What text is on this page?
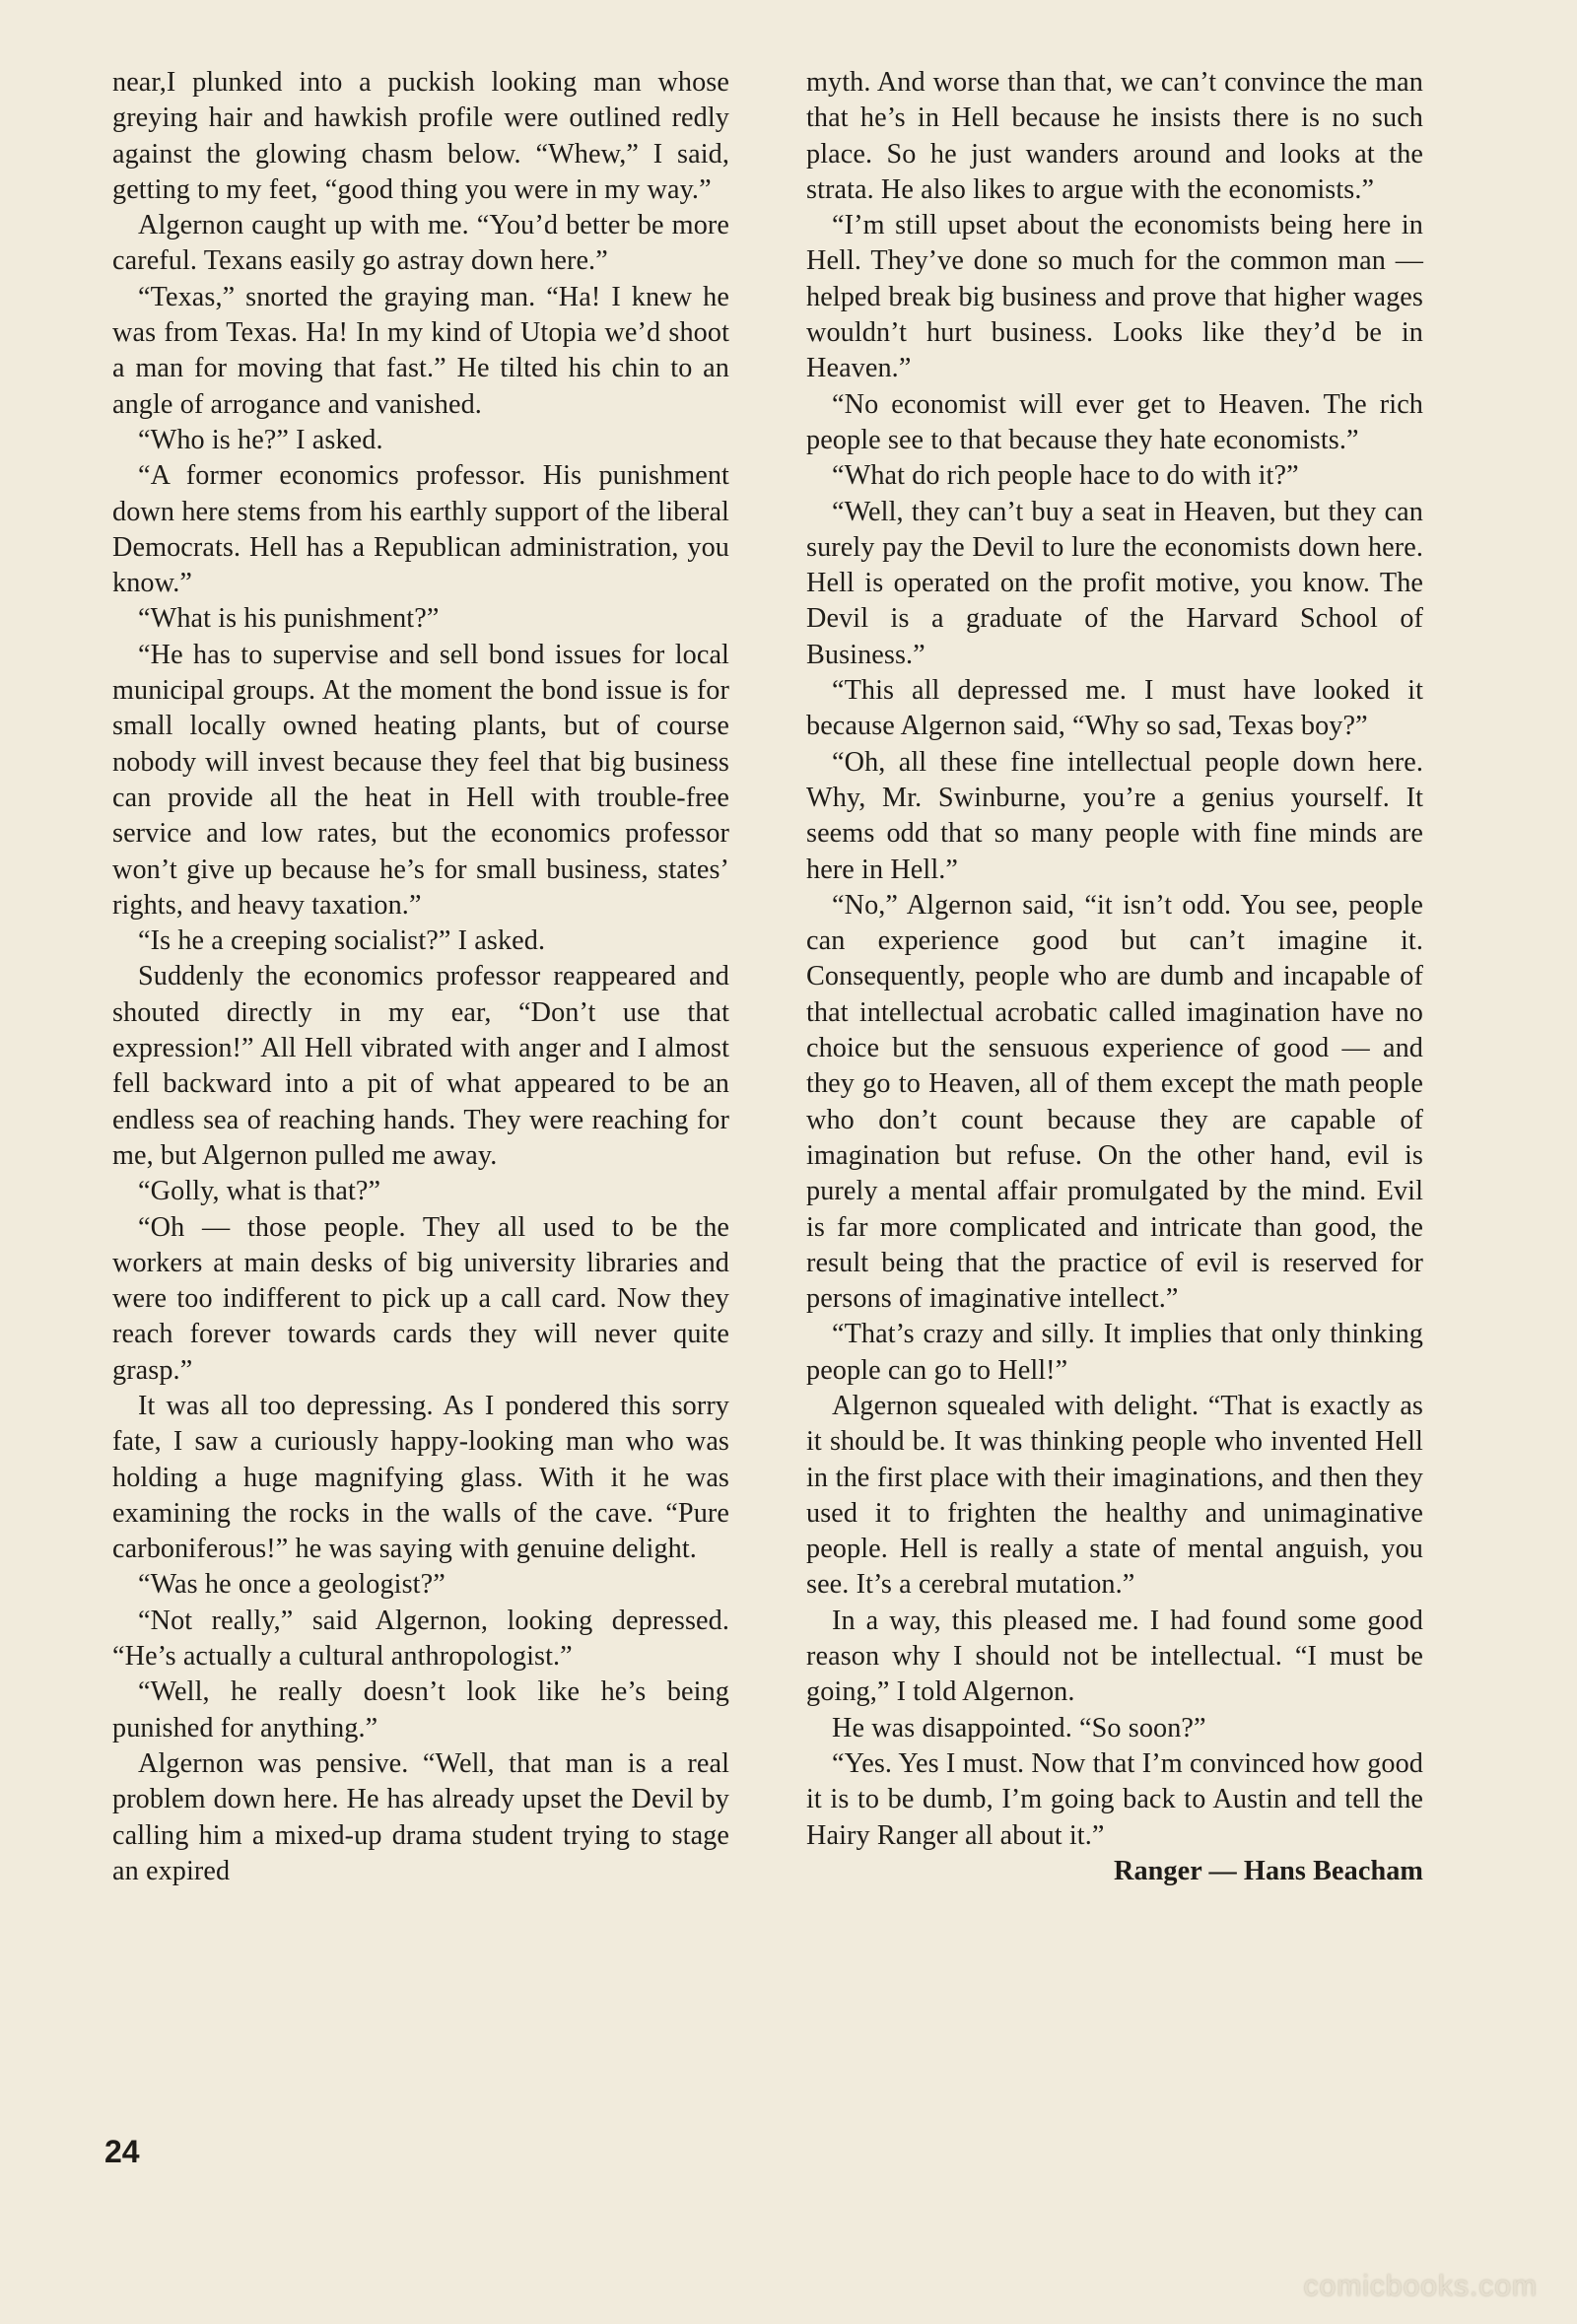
near,I plunked into a puckish looking man whose greying hair and hawkish profile were outlined redly against the glowing chasm below. “Whew,” I said, getting to my feet, “good thing you were in my way.”

Algernon caught up with me. “You’d better be more careful. Texans easily go astray down here.”

“Texas,” snorted the graying man. “Ha! I knew he was from Texas. Ha! In my kind of Utopia we’d shoot a man for moving that fast.” He tilted his chin to an angle of arrogance and vanished.

“Who is he?” I asked.

“A former economics professor. His punishment down here stems from his earthly support of the liberal Democrats. Hell has a Republican administration, you know.”

“What is his punishment?”

“He has to supervise and sell bond issues for local municipal groups. At the moment the bond issue is for small locally owned heating plants, but of course nobody will invest because they feel that big business can provide all the heat in Hell with trouble-free service and low rates, but the economics professor won’t give up because he’s for small business, states’ rights, and heavy taxation.”

“Is he a creeping socialist?” I asked.

Suddenly the economics professor reappeared and shouted directly in my ear, “Don’t use that expression!” All Hell vibrated with anger and I almost fell backward into a pit of what appeared to be an endless sea of reaching hands. They were reaching for me, but Algernon pulled me away.

“Golly, what is that?”

“Oh — those people. They all used to be the workers at main desks of big university libraries and were too indifferent to pick up a call card. Now they reach forever towards cards they will never quite grasp.”

It was all too depressing. As I pondered this sorry fate, I saw a curiously happy-looking man who was holding a huge magnifying glass. With it he was examining the rocks in the walls of the cave. “Pure carboniferous!” he was saying with genuine delight.

“Was he once a geologist?”

“Not really,” said Algernon, looking depressed. “He’s actually a cultural anthropologist.”

“Well, he really doesn’t look like he’s being punished for anything.”

Algernon was pensive. “Well, that man is a real problem down here. He has already upset the Devil by calling him a mixed-up drama student trying to stage an expired

myth. And worse than that, we can’t convince the man that he’s in Hell because he insists there is no such place. So he just wanders around and looks at the strata. He also likes to argue with the economists.”

“I’m still upset about the economists being here in Hell. They’ve done so much for the common man — helped break big business and prove that higher wages wouldn’t hurt business. Looks like they’d be in Heaven.”

“No economist will ever get to Heaven. The rich people see to that because they hate economists.”

“What do rich people hace to do with it?”

“Well, they can’t buy a seat in Heaven, but they can surely pay the Devil to lure the economists down here. Hell is operated on the profit motive, you know. The Devil is a graduate of the Harvard School of Business.”

“This all depressed me. I must have looked it because Algernon said, “Why so sad, Texas boy?”

“Oh, all these fine intellectual people down here. Why, Mr. Swinburne, you’re a genius yourself. It seems odd that so many people with fine minds are here in Hell.”

“No,” Algernon said, “it isn’t odd. You see, people can experience good but can’t imagine it. Consequently, people who are dumb and incapable of that intellectual acrobatic called imagination have no choice but the sensuous experience of good — and they go to Heaven, all of them except the math people who don’t count because they are capable of imagination but refuse. On the other hand, evil is purely a mental affair promulgated by the mind. Evil is far more complicated and intricate than good, the result being that the practice of evil is reserved for persons of imaginative intellect.”

“That’s crazy and silly. It implies that only thinking people can go to Hell!”

Algernon squealed with delight. “That is exactly as it should be. It was thinking people who invented Hell in the first place with their imaginations, and then they used it to frighten the healthy and unimaginative people. Hell is really a state of mental anguish, you see. It’s a cerebral mutation.”

In a way, this pleased me. I had found some good reason why I should not be intellectual. “I must be going,” I told Algernon.

He was disappointed. “So soon?”

“Yes. Yes I must. Now that I’m convinced how good it is to be dumb, I’m going back to Austin and tell the Hairy Ranger all about it.”

Ranger — Hans Beacham

24
comicbooks.com
